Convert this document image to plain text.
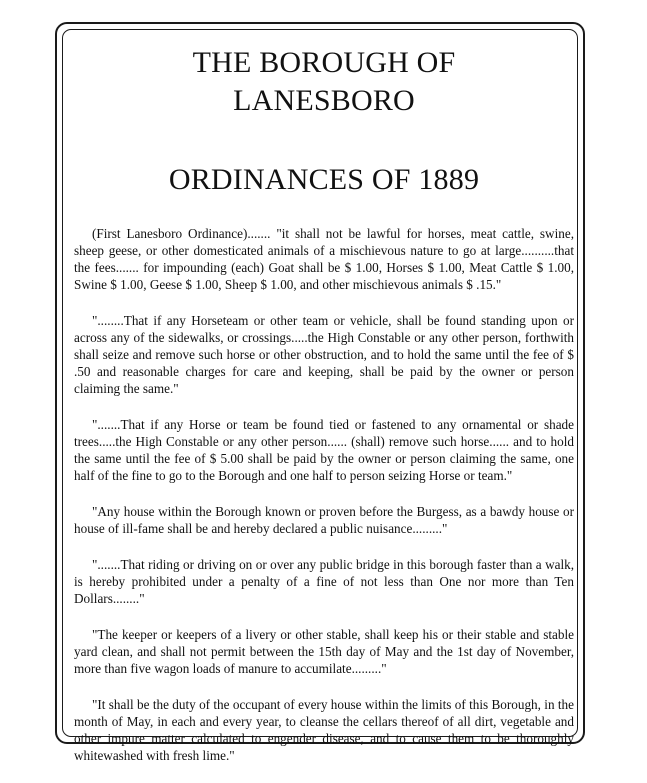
THE BOROUGH OF
LANESBORO
ORDINANCES OF 1889

(First Lanesboro Ordinance)....... "it shall not be lawful for horses, meat cattle, swine, sheep geese, or other domesticated animals of a mischievous nature to go at large..........that the fees....... for impounding (each) Goat shall be $ 1.00, Horses $ 1.00, Meat Cattle $ 1.00, Swine $ 1.00, Geese $ 1.00, Sheep $ 1.00, and other mischievous animals $ .15."

"........That if any Horseteam or other team or vehicle, shall be found standing upon or across any of the sidewalks, or crossings.....the High Constable or any other person, forthwith shall seize and remove such horse or other obstruction, and to hold the same until the fee of $ .50 and reasonable charges for care and keeping, shall be paid by the owner or person claiming the same."

".......That if any Horse or team be found tied or fastened to any ornamental or shade trees.....the High Constable or any other person...... (shall) remove such horse...... and to hold the same until the fee of $ 5.00 shall be paid by the owner or person claiming the same, one half of the fine to go to the Borough and one half to person seizing Horse or team."

"Any house within the Borough known or proven before the Burgess, as a bawdy house or house of ill-fame shall be and hereby declared a public nuisance........."

".......That riding or driving on or over any public bridge in this borough faster than a walk, is hereby prohibited under a penalty of a fine of not less than One nor more than Ten Dollars........"

"The keeper or keepers of a livery or other stable, shall keep his or their stable and stable yard clean, and shall not permit between the 15th day of May and the 1st day of November, more than five wagon loads of manure to accumilate........."

"It shall be the duty of the occupant of every house within the limits of this Borough, in the month of May, in each and every year, to cleanse the cellars thereof of all dirt, vegetable and other impure matter calculated to engender disease, and to cause them to be thoroughly whitewashed with fresh lime."
